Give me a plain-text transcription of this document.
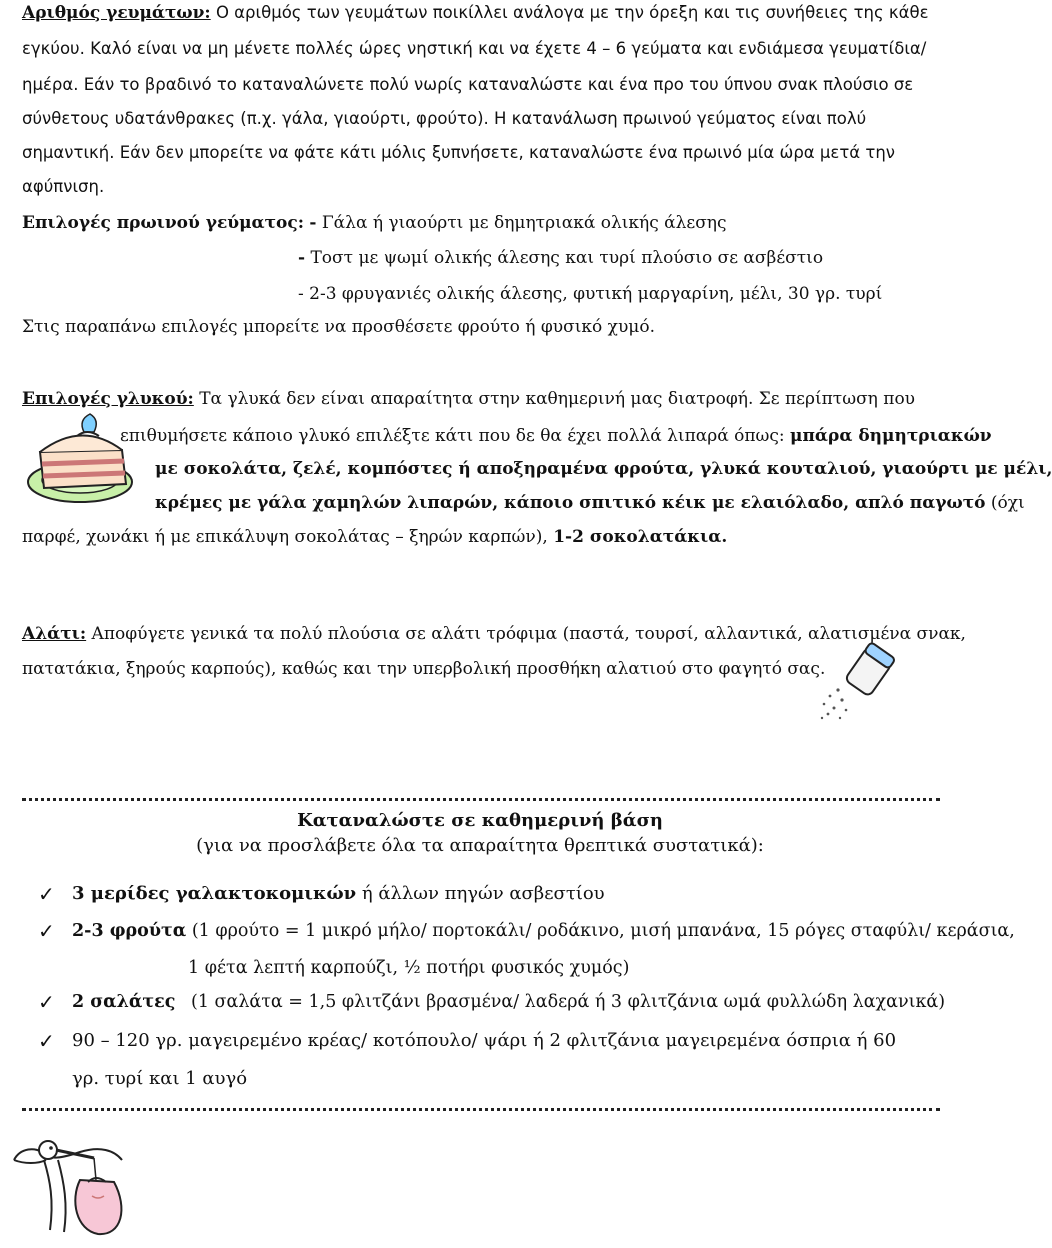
Αριθμός γευμάτων: Ο αριθμός των γευμάτων ποικίλλει ανάλογα με την όρεξη και τις συνήθειες της κάθε
εγκύου. Καλό είναι να μη μένετε πολλές ώρες νηστική και να έχετε 4 – 6 γεύματα και ενδιάμεσα γευματίδια/
ημέρα. Εάν το βραδινό το καταναλώνετε πολύ νωρίς καταναλώστε και ένα προ του ύπνου σνακ πλούσιο σε
σύνθετους υδατάνθρακες (π.χ. γάλα, γιαούρτι, φρούτο). Η κατανάλωση πρωινού γεύματος είναι πολύ
σημαντική. Εάν δεν μπορείτε να φάτε κάτι μόλις ξυπνήσετε, καταναλώστε ένα πρωινό μία ώρα μετά την
αφύπνιση.
Επιλογές πρωινού γεύματος: - Γάλα ή γιαούρτι με δημητριακά ολικής άλεσης
- Τοστ με ψωμί ολικής άλεσης και τυρί πλούσιο σε ασβέστιο
- 2-3 φρυγανιές ολικής άλεσης, φυτική μαργαρίνη, μέλι, 30 γρ. τυρί
Στις παραπάνω επιλογές μπορείτε να προσθέσετε φρούτο ή φυσικό χυμό.
Επιλογές γλυκού: Τα γλυκά δεν είναι απαραίτητα στην καθημερινή μας διατροφή. Σε περίπτωση που
επιθυμήσετε κάποιο γλυκό επιλέξτε κάτι που δε θα έχει πολλά λιπαρά όπως: μπάρα δημητριακών
με σοκολάτα, ζελέ, κομπόστες ή αποξηραμένα φρούτα, γλυκά κουταλιού, γιαούρτι με μέλι,
κρέμες με γάλα χαμηλών λιπαρών, κάποιο σπιτικό κέικ με ελαιόλαδο, απλό παγωτό (όχι
παρφέ, χωνάκι ή με επικάλυψη σοκολάτας – ξηρών καρπών), 1-2 σοκολατάκια.
Αλάτι: Αποφύγετε γενικά τα πολύ πλούσια σε αλάτι τρόφιμα (παστά, τουρσί, αλλαντικά, αλατισμένα σνακ,
πατατάκια, ξηρούς καρπούς), καθώς και την υπερβολική προσθήκη αλατιού στο φαγητό σας.
Καταναλώστε σε καθημερινή βάση
(για να προσλάβετε όλα τα απαραίτητα θρεπτικά συστατικά):
✓ 3 μερίδες γαλακτοκομικών ή άλλων πηγών ασβεστίου
✓ 2-3 φρούτα (1 φρούτο = 1 μικρό μήλο/ πορτοκάλι/ ροδάκινο, μισή μπανάνα, 15 ρόγες σταφύλι/ κεράσια,
1 φέτα λεπτή καρπούζι, ½ ποτήρι φυσικός χυμός)
✓ 2 σαλάτες (1 σαλάτα = 1,5 φλιτζάνι βρασμένα/ λαδερά ή 3 φλιτζάνια ωμά φυλλώδη λαχανικά)
✓ 90 – 120 γρ. μαγειρεμένο κρέας/ κοτόπουλο/ ψάρι ή 2 φλιτζάνια μαγειρεμένα όσπρια ή 60
γρ. τυρί και 1 αυγό
